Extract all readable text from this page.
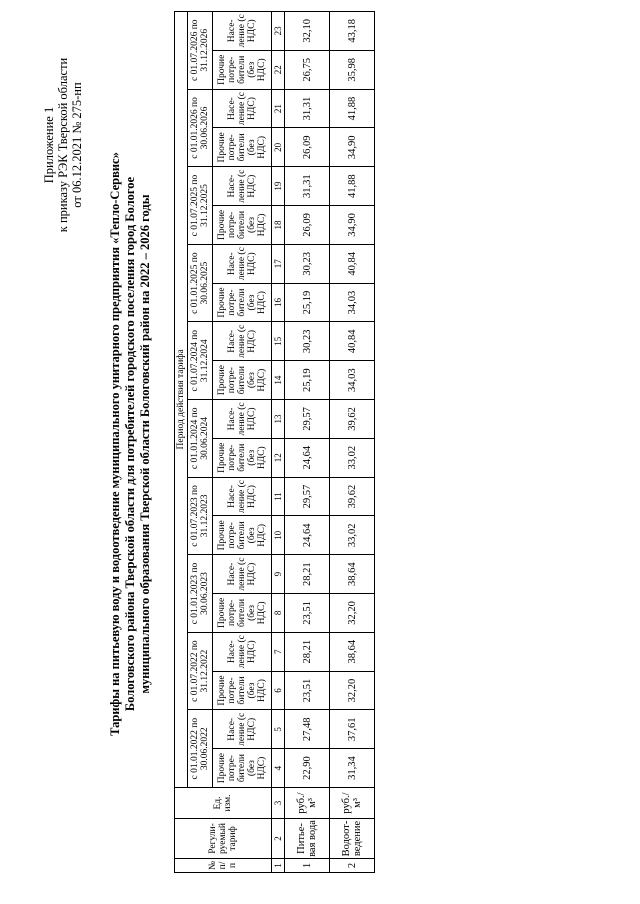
Приложение 1 к приказу РЭК Тверской области от 06.12.2021 № 275-нп
Тарифы на питьевую воду и водоотведение муниципального унитарного предприятия «Тепло-Сервис» Бологовского района Тверской области для потребителей городского поселения город Бологое муниципального образования Тверской области Бологовский район на 2022 – 2026 годы
№ п/п	Регули-руемый тариф	Ед. изм.	Период действия тарифа																			
			с 01.01.2022 по 30.06.2022		с 01.07.2022 по 31.12.2022		с 01.01.2023 по 30.06.2023		с 01.07.2023 по 31.12.2023		с 01.01.2024 по 30.06.2024		с 01.07.2024 по 31.12.2024		с 01.01.2025 по 30.06.2025		с 01.07.2025 по 31.12.2025		с 01.01.2026 по 30.06.2026		с 01.07.2026 по 31.12.2026	
			Прочие потре-бители (без НДС)	Насе-ление (с НДС)	Прочие потре-бители (без НДС)	Насе-ление (с НДС)	Прочие потре-бители (без НДС)	Насе-ление (с НДС)	Прочие потре-бители (без НДС)	Насе-ление (с НДС)	Прочие потре-бители (без НДС)	Насе-ление (с НДС)	Прочие потре-бители (без НДС)	Насе-ление (с НДС)	Прочие потре-бители (без НДС)	Насе-ление (с НДС)	Прочие потре-бители (без НДС)	Насе-ление (с НДС)	Прочие потре-бители (без НДС)	Насе-ление (с НДС)	Прочие потре-бители (без НДС)	Насе-ление (с НДС)
1	2	3	4	5	6	7	8	9	10	11	12	13	14	15	16	17	18	19	20	21	22	23
1	Питье-вая вода	руб./м³	22,90	27,48	23,51	28,21	23,51	28,21	24,64	29,57	24,64	29,57	25,19	30,23	25,19	30,23	26,09	31,31	26,09	31,31	26,75	32,10
2	Водоот-ведение	руб./м³	31,34	37,61	32,20	38,64	32,20	38,64	33,02	39,62	33,02	39,62	34,03	40,84	34,03	40,84	34,90	41,88	34,90	41,88	35,98	43,18
